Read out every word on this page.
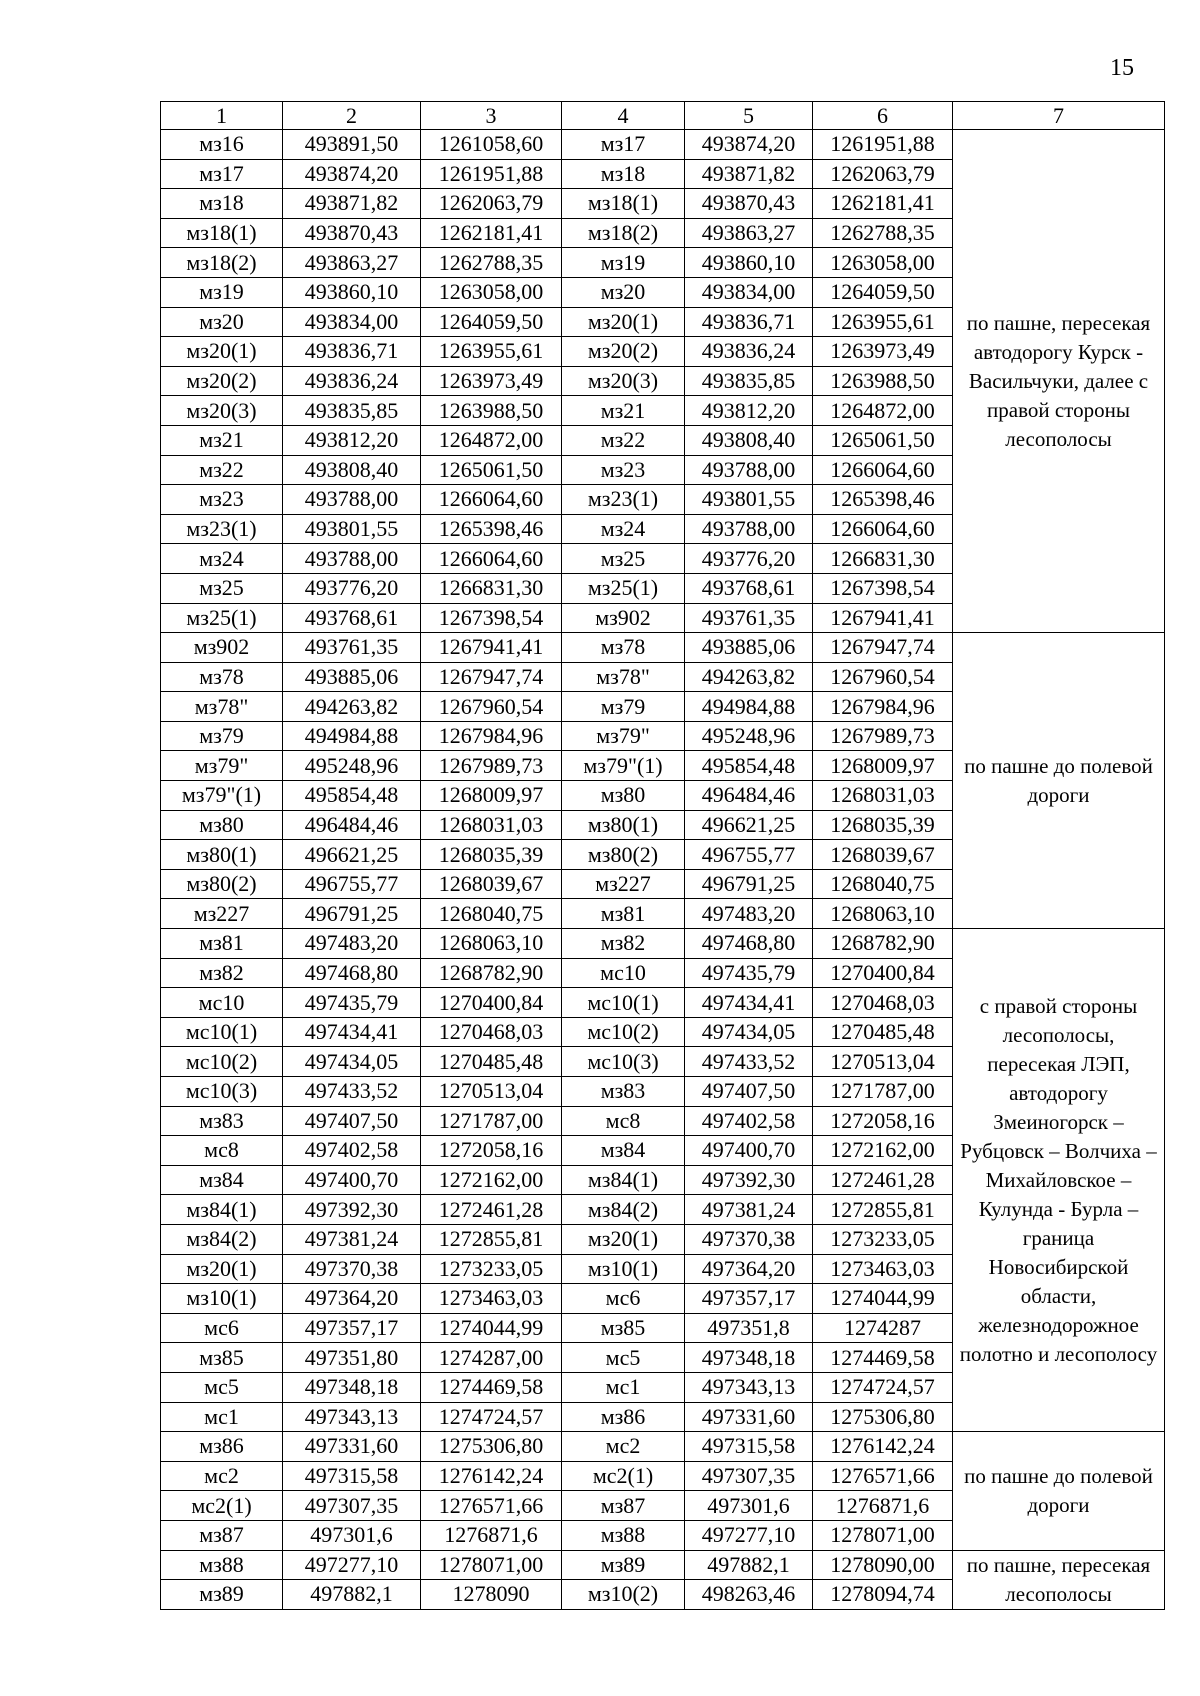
15
1	2	3	4	5	6	7
мз16	493891,50	1261058,60	мз17	493874,20	1261951,88	по пашне, пересекая автодорогу Курск - Васильчуки, далее с правой стороны лесополосы
мз17	493874,20	1261951,88	мз18	493871,82	1262063,79	
мз18	493871,82	1262063,79	мз18(1)	493870,43	1262181,41	
мз18(1)	493870,43	1262181,41	мз18(2)	493863,27	1262788,35	
мз18(2)	493863,27	1262788,35	мз19	493860,10	1263058,00	
мз19	493860,10	1263058,00	мз20	493834,00	1264059,50	
мз20	493834,00	1264059,50	мз20(1)	493836,71	1263955,61	
мз20(1)	493836,71	1263955,61	мз20(2)	493836,24	1263973,49	
мз20(2)	493836,24	1263973,49	мз20(3)	493835,85	1263988,50	
мз20(3)	493835,85	1263988,50	мз21	493812,20	1264872,00	
мз21	493812,20	1264872,00	мз22	493808,40	1265061,50	
мз22	493808,40	1265061,50	мз23	493788,00	1266064,60	
мз23	493788,00	1266064,60	мз23(1)	493801,55	1265398,46	
мз23(1)	493801,55	1265398,46	мз24	493788,00	1266064,60	
мз24	493788,00	1266064,60	мз25	493776,20	1266831,30	
мз25	493776,20	1266831,30	мз25(1)	493768,61	1267398,54	
мз25(1)	493768,61	1267398,54	мз902	493761,35	1267941,41	
мз902	493761,35	1267941,41	мз78	493885,06	1267947,74	по пашне до полевой дороги
мз78	493885,06	1267947,74	мз78"	494263,82	1267960,54	
мз78"	494263,82	1267960,54	мз79	494984,88	1267984,96	
мз79	494984,88	1267984,96	мз79"	495248,96	1267989,73	
мз79"	495248,96	1267989,73	мз79"(1)	495854,48	1268009,97	
мз79"(1)	495854,48	1268009,97	мз80	496484,46	1268031,03	
мз80	496484,46	1268031,03	мз80(1)	496621,25	1268035,39	
мз80(1)	496621,25	1268035,39	мз80(2)	496755,77	1268039,67	
мз80(2)	496755,77	1268039,67	мз227	496791,25	1268040,75	
мз227	496791,25	1268040,75	мз81	497483,20	1268063,10	
мз81	497483,20	1268063,10	мз82	497468,80	1268782,90	с правой стороны лесополосы, пересекая ЛЭП, автодорогу Змеиногорск – Рубцовск – Волчиха – Михайловское – Кулунда - Бурла – граница Новосибирской области, железнодорожное полотно и лесополосу
мз82	497468,80	1268782,90	мс10	497435,79	1270400,84	
мс10	497435,79	1270400,84	мс10(1)	497434,41	1270468,03	
мс10(1)	497434,41	1270468,03	мс10(2)	497434,05	1270485,48	
мс10(2)	497434,05	1270485,48	мс10(3)	497433,52	1270513,04	
мс10(3)	497433,52	1270513,04	мз83	497407,50	1271787,00	
мз83	497407,50	1271787,00	мс8	497402,58	1272058,16	
мс8	497402,58	1272058,16	мз84	497400,70	1272162,00	
мз84	497400,70	1272162,00	мз84(1)	497392,30	1272461,28	
мз84(1)	497392,30	1272461,28	мз84(2)	497381,24	1272855,81	
мз84(2)	497381,24	1272855,81	мз20(1)	497370,38	1273233,05	
мз20(1)	497370,38	1273233,05	мз10(1)	497364,20	1273463,03	
мз10(1)	497364,20	1273463,03	мс6	497357,17	1274044,99	
мс6	497357,17	1274044,99	мз85	497351,8	1274287	
мз85	497351,80	1274287,00	мс5	497348,18	1274469,58	
мс5	497348,18	1274469,58	мс1	497343,13	1274724,57	
мс1	497343,13	1274724,57	мз86	497331,60	1275306,80	
мз86	497331,60	1275306,80	мс2	497315,58	1276142,24	по пашне до полевой дороги
мс2	497315,58	1276142,24	мс2(1)	497307,35	1276571,66	
мс2(1)	497307,35	1276571,66	мз87	497301,6	1276871,6	
мз87	497301,6	1276871,6	мз88	497277,10	1278071,00	
мз88	497277,10	1278071,00	мз89	497882,1	1278090,00	по пашне, пересекая лесополосы
мз89	497882,1	1278090	мз10(2)	498263,46	1278094,74	
